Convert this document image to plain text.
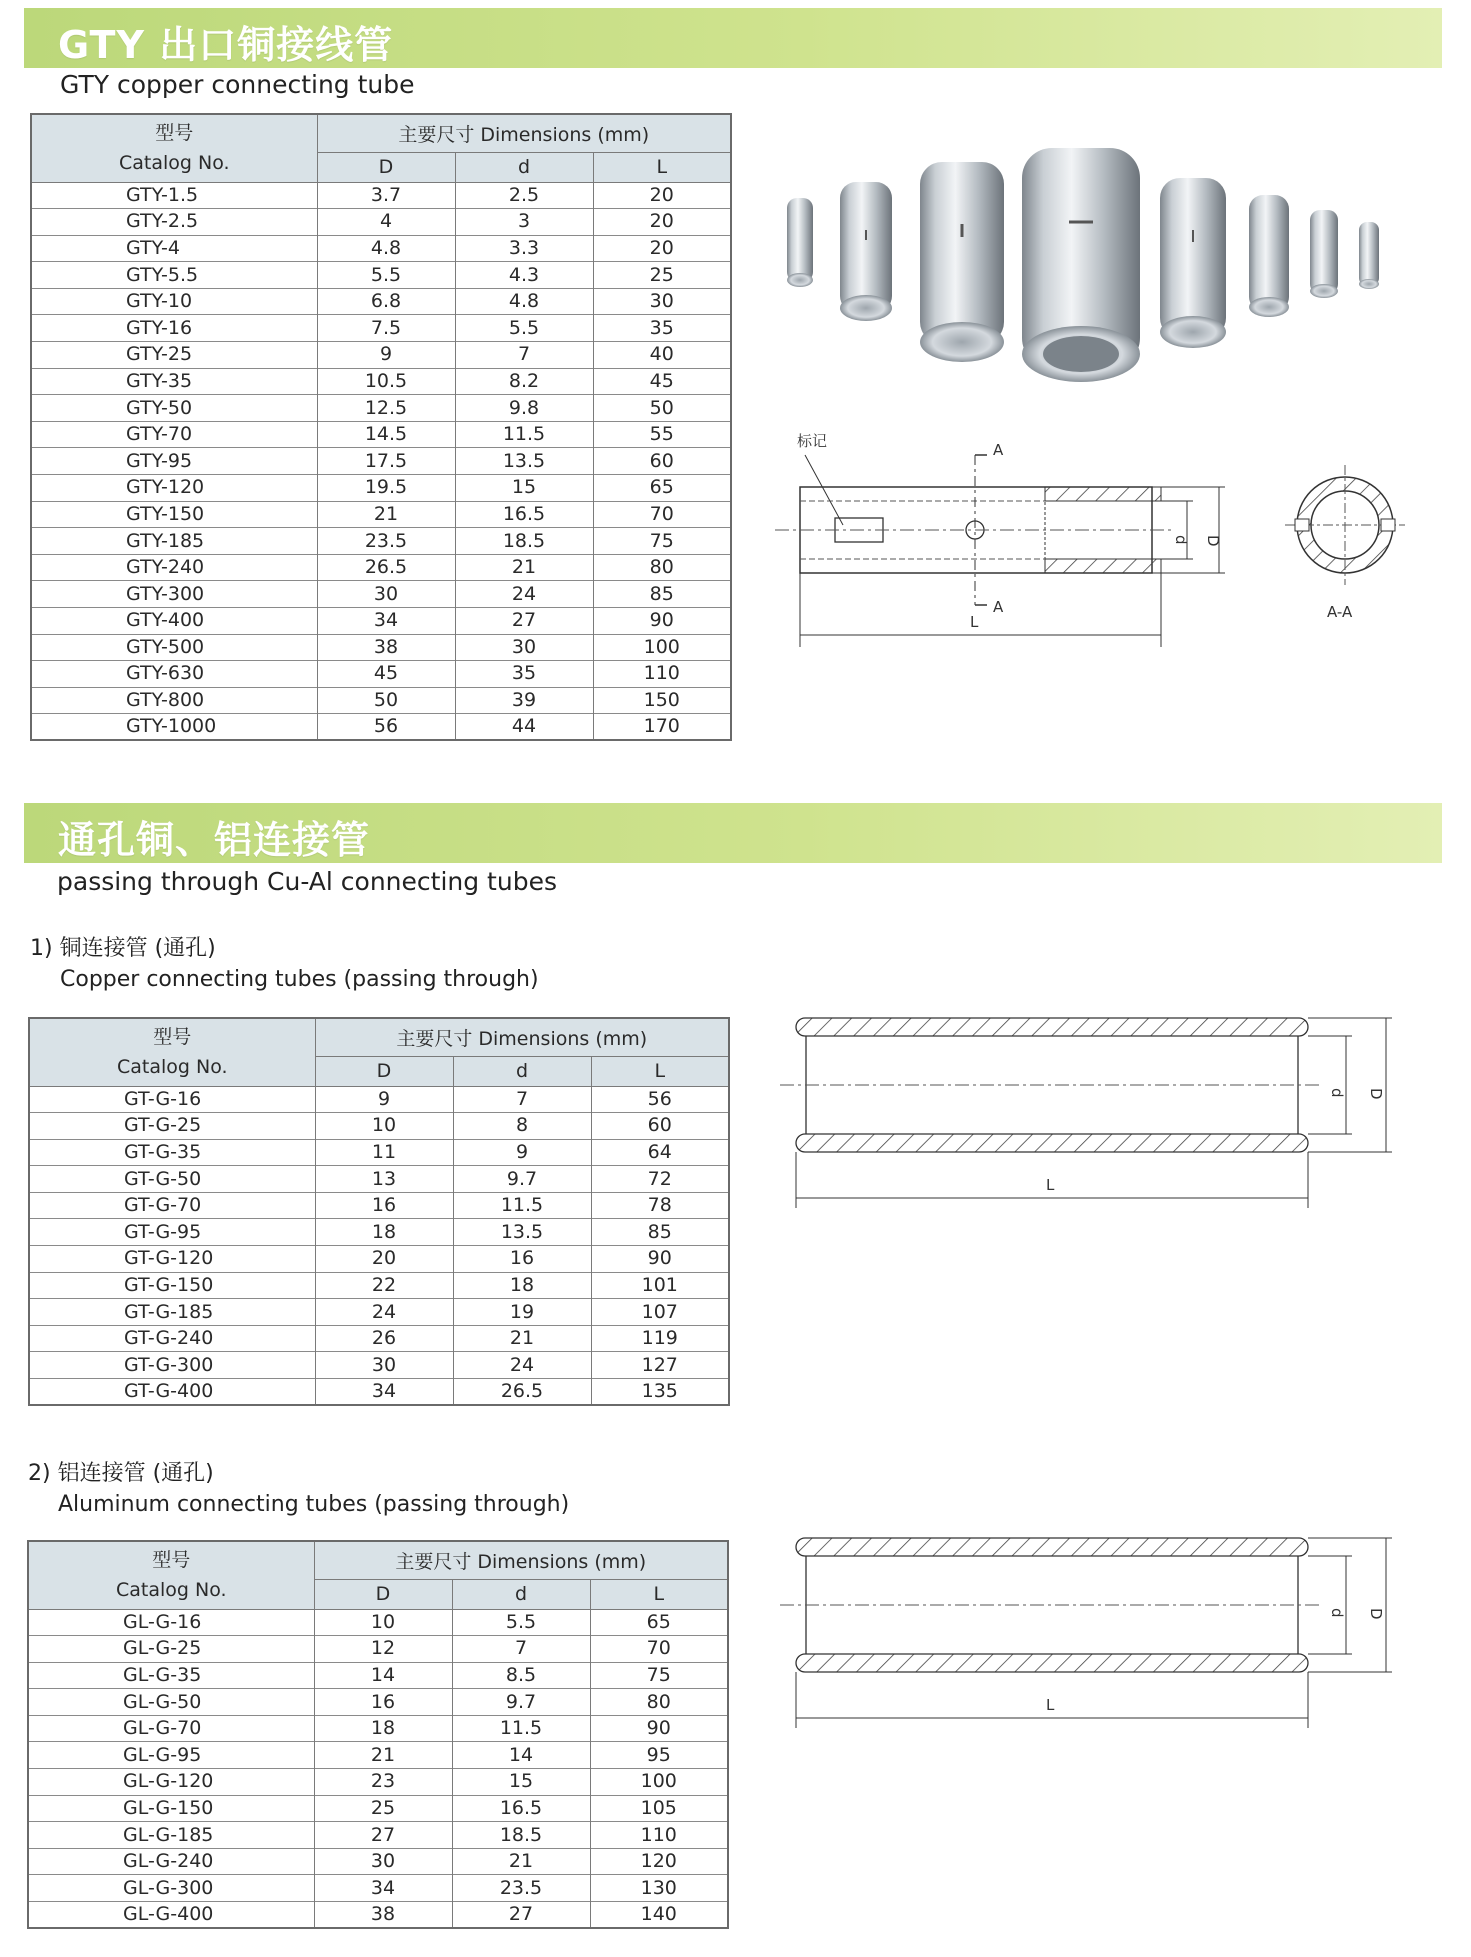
GTY 出口铜接线管
GTY copper connecting tube
型号
Catalog No.	主要尺寸 Dimensions (mm)		
	D	d	L
GTY-1.5	3.7	2.5	20
GTY-2.5	4	3	20
GTY-4	4.8	3.3	20
GTY-5.5	5.5	4.3	25
GTY-10	6.8	4.8	30
GTY-16	7.5	5.5	35
GTY-25	9	7	40
GTY-35	10.5	8.2	45
GTY-50	12.5	9.8	50
GTY-70	14.5	11.5	55
GTY-95	17.5	13.5	60
GTY-120	19.5	15	65
GTY-150	21	16.5	70
GTY-185	23.5	18.5	75
GTY-240	26.5	21	80
GTY-300	30	24	85
GTY-400	34	27	90
GTY-500	38	30	100
GTY-630	45	35	110
GTY-800	50	39	150
GTY-1000	56	44	170
标记	A
A
d D
L
A-A
通孔铜、铝连接管
passing through Cu-Al connecting tubes
1) 铜连接管 (通孔)
Copper connecting tubes (passing through)
型号
Catalog No.	主要尺寸 Dimensions (mm)		
	D	d	L
GT-G-16	9	7	56
GT-G-25	10	8	60
GT-G-35	11	9	64
GT-G-50	13	9.7	72
GT-G-70	16	11.5	78
GT-G-95	18	13.5	85
GT-G-120	20	16	90
GT-G-150	22	18	101
GT-G-185	24	19	107
GT-G-240	26	21	119
GT-G-300	30	24	127
GT-G-400	34	26.5	135
d D
L
2) 铝连接管 (通孔)
Aluminum connecting tubes (passing through)
型号
Catalog No.	主要尺寸 Dimensions (mm)		
	D	d	L
GL-G-16	10	5.5	65
GL-G-25	12	7	70
GL-G-35	14	8.5	75
GL-G-50	16	9.7	80
GL-G-70	18	11.5	90
GL-G-95	21	14	95
GL-G-120	23	15	100
GL-G-150	25	16.5	105
GL-G-185	27	18.5	110
GL-G-240	30	21	120
GL-G-300	34	23.5	130
GL-G-400	38	27	140
d D
L
